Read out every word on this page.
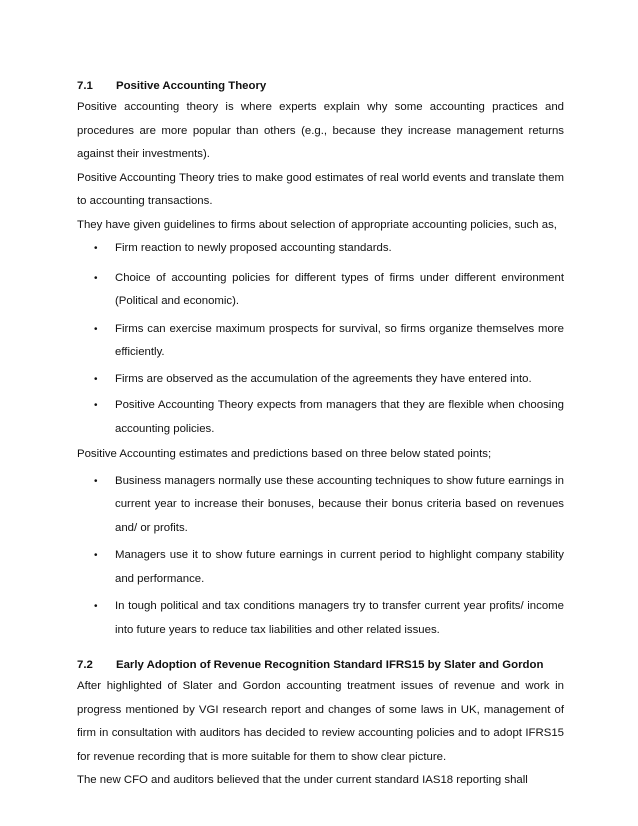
7.1	Positive Accounting Theory

Positive accounting theory is where experts explain why some accounting practices and procedures are more popular than others (e.g., because they increase management returns against their investments).

Positive Accounting Theory tries to make good estimates of real world events and translate them to accounting transactions.

They have given guidelines to firms about selection of appropriate accounting policies, such as,

• Firm reaction to newly proposed accounting standards.
• Choice of accounting policies for different types of firms under different environment (Political and economic).
• Firms can exercise maximum prospects for survival, so firms organize themselves more efficiently.
• Firms are observed as the accumulation of the agreements they have entered into.
• Positive Accounting Theory expects from managers that they are flexible when choosing accounting policies.

Positive Accounting estimates and predictions based on three below stated points;

• Business managers normally use these accounting techniques to show future earnings in current year to increase their bonuses, because their bonus criteria based on revenues and/ or profits.
• Managers use it to show future earnings in current period to highlight company stability and performance.
• In tough political and tax conditions managers try to transfer current year profits/ income into future years to reduce tax liabilities and other related issues.
7.2	Early Adoption of Revenue Recognition Standard IFRS15 by Slater and Gordon

After highlighted of Slater and Gordon accounting treatment issues of revenue and work in progress mentioned by VGI research report and changes of some laws in UK, management of firm in consultation with auditors has decided to review accounting policies and to adopt IFRS15 for revenue recording that is more suitable for them to show clear picture.

The new CFO and auditors believed that the under current standard IAS18 reporting shall
